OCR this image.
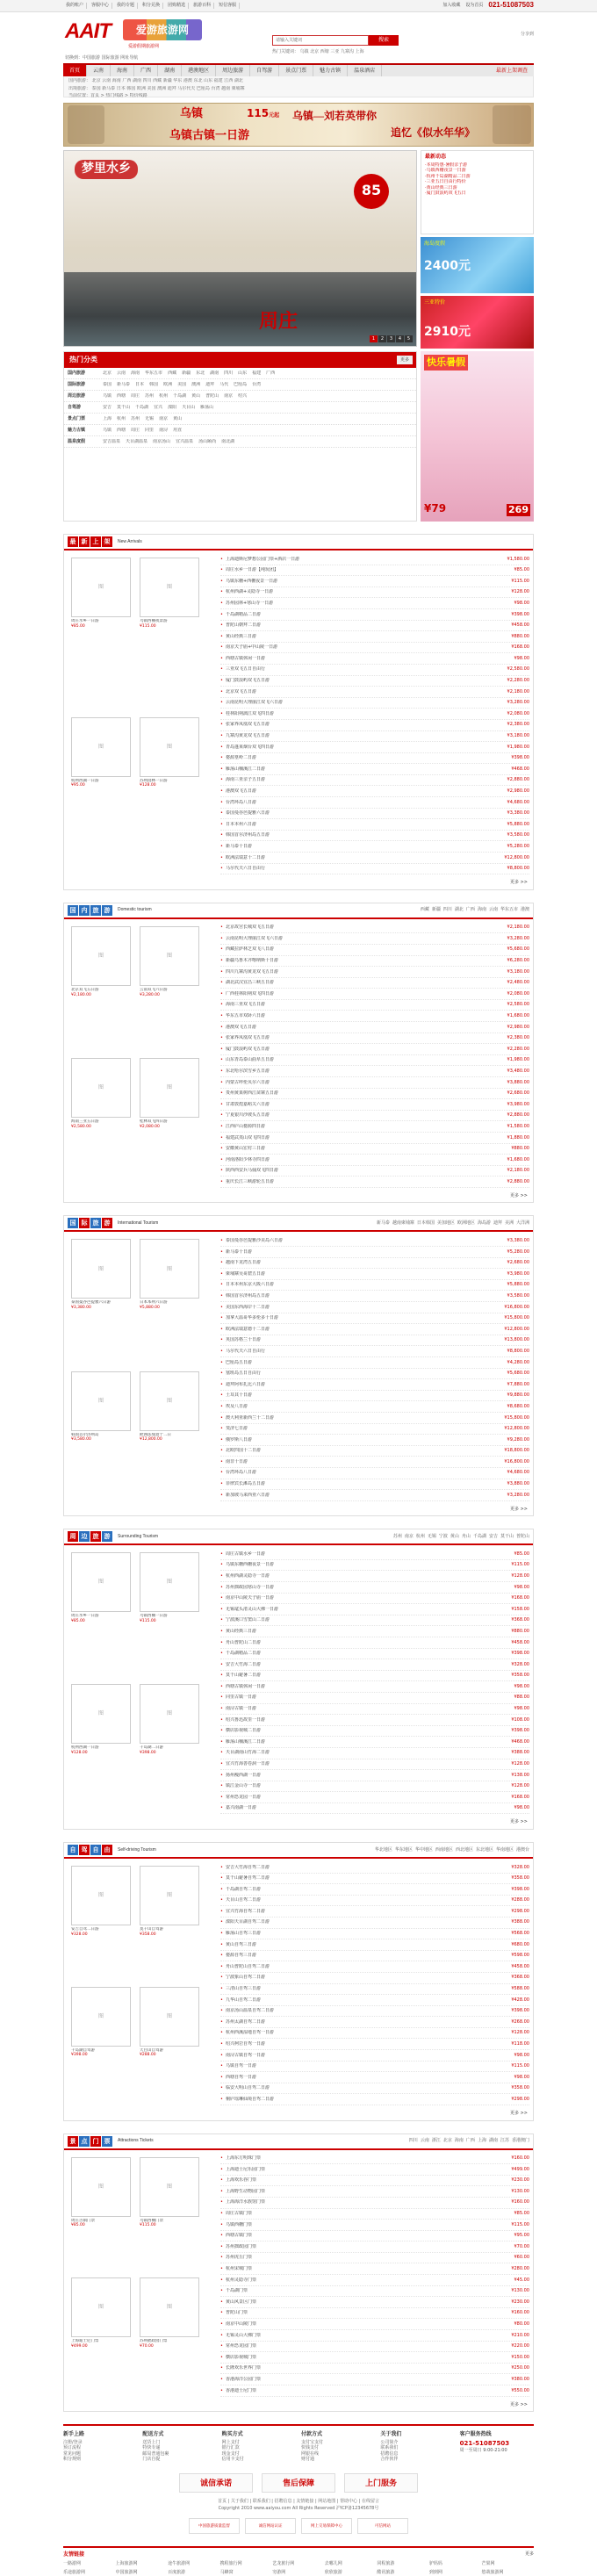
我的账户	客服中心	我的专题	积分兑换	团购精选	旅游百科	短信客服	加入收藏 设为首页 021-51087503
AAIT	爱游旅游网
爱游假期旅游网
请输入关键词	搜索
热门关键词： 乌镇 北京 西塘 三亚 九寨沟 上海
分享到
切换到：中国旅游 国际旅游 网址导航
首页	云南	海南	广西	湖南	港澳地区	周边旅游	自驾游	景点门票	魅力古镇	温泉酒店	最新上架调查
国内旅游： 北京 云南 海南 广西 湖南 四川 西藏 新疆 华东 港澳 东北 山东 福建 江西 湖北
出境旅游： 泰国 新马泰 日本 韩国 欧洲 美国 澳洲 迪拜 马尔代夫 巴厘岛 台湾 越南 柬埔寨
当前位置：首页 > 热门线路 > 特价线路
乌镇	115元起 乌镇—刘若英带你
乌镇古镇一日游	追忆《似水年华》
梦里水乡
85
周庄
1	2	3	4	5
最新动态
·本周特惠·暑假亲子游
·乌镇西栅夜景一日游
·杭州千岛湖精品二日游
·三亚五日自由行特价
·黄山经典三日游
·厦门鼓浪屿双飞五日
海岛度假
2400元
三亚特价
2910元
热门分类	更多
国内旅游	北京 云南 海南 华东五市 西藏 新疆 东北 湖南 四川 山东 福建 广西
国际旅游	泰国 新马泰 日本 韩国 欧洲 美国 澳洲 迪拜 马代 巴厘岛 台湾
周边旅游	乌镇 西塘 周庄 苏州 杭州 千岛湖 黄山 普陀山 南京 绍兴
自驾游	安吉 莫干山 千岛湖 宜兴 溧阳 天目山 雁荡山
景点门票	上海 杭州 苏州 无锡 南京 黄山
魅力古镇	乌镇 西塘 周庄 同里 南浔 甪直
温泉度假	安吉温泉 天目湖温泉 南京汤山 宜兴温泉 汤山颐尚 南北湖
快乐暑假
¥79	269
最 新 上 架	New Arrivals
图
周庄水乡一日游
¥85.00
图
乌镇西栅夜景游
¥115.00
图
杭州西湖一日游
¥95.00
图
苏州园林一日游
¥128.00
• 上海迪斯尼梦想公园门票+酒店一日游	¥1,580.00
• 周庄水乡一日游【纯玩团】	¥85.00
• 乌镇东栅+西栅夜景一日游	¥115.00
• 杭州西湖+灵隐寺一日游	¥128.00
• 苏州园林+寒山寺一日游	¥98.00
• 千岛湖精品二日游	¥398.00
• 普陀山朝拜二日游	¥458.00
• 黄山经典三日游	¥880.00
• 南京夫子庙+中山陵一日游	¥168.00
• 西塘古镇休闲一日游	¥98.00
• 三亚双飞五日自由行	¥2,580.00
• 厦门鼓浪屿双飞五日游	¥2,280.00
• 北京双飞五日游	¥2,180.00
• 云南昆明大理丽江双飞六日游	¥3,280.00
• 桂林阳朔漓江双飞四日游	¥2,080.00
• 张家界凤凰双飞五日游	¥2,380.00
• 九寨沟黄龙双飞五日游	¥3,180.00
• 青岛蓬莱烟台双飞四日游	¥1,980.00
• 婺源篁岭二日游	¥398.00
• 雁荡山楠溪江二日游	¥468.00
• 海南三亚亲子五日游	¥2,880.00
• 港澳双飞五日游	¥2,980.00
• 台湾环岛八日游	¥4,680.00
• 泰国曼谷芭提雅六日游	¥3,380.00
• 日本本州六日游	¥5,880.00
• 韩国首尔济州岛五日游	¥3,580.00
• 新马泰十日游	¥5,280.00
• 欧洲法瑞意十二日游	¥12,800.00
• 马尔代夫六日自由行	¥8,800.00
更多 >>
国 内 旅 游	Domestic tourism	西藏 新疆 四川 湖北 广西 海南 云南 华东五市 港澳
图
北京双飞五日游
¥2,180.00
图
云南双飞六日游
¥3,280.00
图
海南三亚五日游
¥2,580.00
图
桂林双飞四日游
¥2,080.00
• 北京故宫长城双飞五日游	¥2,180.00
• 云南昆明大理丽江双飞六日游	¥3,280.00
• 西藏拉萨林芝双飞八日游	¥5,680.00
• 新疆乌鲁木齐喀纳斯十日游	¥6,280.00
• 四川九寨沟黄龙双飞五日游	¥3,180.00
• 湖北武汉宜昌三峡五日游	¥2,480.00
• 广西桂林阳朔双飞四日游	¥2,080.00
• 海南三亚双飞五日游	¥2,580.00
• 华东五市双卧六日游	¥1,680.00
• 港澳双飞五日游	¥2,980.00
• 张家界凤凰双飞五日游	¥2,380.00
• 厦门鼓浪屿双飞五日游	¥2,280.00
• 山东青岛泰山曲阜五日游	¥1,980.00
• 东北哈尔滨雪乡五日游	¥3,480.00
• 内蒙古呼伦贝尔六日游	¥3,880.00
• 贵州黄果树西江苗寨五日游	¥2,680.00
• 甘肃敦煌嘉峪关六日游	¥3,980.00
• 宁夏银川沙坡头五日游	¥2,880.00
• 江西庐山婺源四日游	¥1,580.00
• 福建武夷山双飞四日游	¥1,880.00
• 安徽黄山宏村三日游	¥880.00
• 河南洛阳少林寺四日游	¥1,680.00
• 陕西西安兵马俑双飞四日游	¥2,180.00
• 重庆长江三峡游轮五日游	¥2,880.00
更多 >>
国 际 旅 游	International Tourism	新马泰 越南柬埔寨 日本韩国 美加地区 欧洲地区 海岛游 迪拜 美洲 大洋洲
图
泰国曼谷芭提雅六日游
¥3,380.00
图
日本本州六日游
¥5,880.00
图
韩国首尔济州岛
¥3,580.00
图
欧洲法瑞意十二日
¥12,800.00
• 泰国曼谷芭提雅沙美岛六日游	¥3,380.00
• 新马泰十日游	¥5,280.00
• 越南下龙湾五日游	¥2,680.00
• 柬埔寨吴哥窟五日游	¥3,980.00
• 日本本州东京大阪六日游	¥5,880.00
• 韩国首尔济州岛五日游	¥3,580.00
• 美国东西海岸十二日游	¥16,800.00
• 加拿大温哥华多伦多十日游	¥15,800.00
• 欧洲法瑞意德十二日游	¥12,800.00
• 英国苏格兰十日游	¥13,800.00
• 马尔代夫六日自由行	¥8,800.00
• 巴厘岛五日游	¥4,280.00
• 塞班岛五日自由行	¥5,680.00
• 迪拜阿布扎比六日游	¥7,880.00
• 土耳其十日游	¥9,880.00
• 埃及八日游	¥8,680.00
• 澳大利亚新西兰十二日游	¥15,800.00
• 斐济七日游	¥12,800.00
• 俄罗斯八日游	¥9,280.00
• 北欧四国十二日游	¥18,800.00
• 南非十日游	¥16,800.00
• 台湾环岛八日游	¥4,680.00
• 菲律宾长滩岛五日游	¥3,880.00
• 新加坡马来西亚六日游	¥3,280.00
更多 >>
周 边 旅 游	Surrounding Tourism	苏州 南京 杭州 无锡 宁波 黄山 舟山 千岛湖 安吉 莫干山 普陀山
图
周庄水乡一日游
¥85.00
图
乌镇西栅一日游
¥115.00
图
杭州西湖一日游
¥128.00
图
千岛湖二日游
¥398.00
• 周庄古镇水乡一日游	¥85.00
• 乌镇东栅西栅夜景一日游	¥115.00
• 杭州西湖灵隐寺一日游	¥128.00
• 苏州拙政园寒山寺一日游	¥98.00
• 南京中山陵夫子庙一日游	¥168.00
• 无锡鼋头渚灵山大佛一日游	¥158.00
• 宁波溪口雪窦山二日游	¥368.00
• 黄山经典三日游	¥880.00
• 舟山普陀山二日游	¥458.00
• 千岛湖精品二日游	¥398.00
• 安吉大竹海二日游	¥328.00
• 莫干山避暑二日游	¥358.00
• 西塘古镇休闲一日游	¥98.00
• 同里古镇一日游	¥88.00
• 南浔古镇一日游	¥98.00
• 绍兴鲁迅故里一日游	¥108.00
• 横店影视城二日游	¥398.00
• 雁荡山楠溪江二日游	¥468.00
• 天目湖南山竹海二日游	¥388.00
• 宜兴竹海善卷洞一日游	¥128.00
• 扬州瘦西湖一日游	¥138.00
• 镇江金山寺一日游	¥128.00
• 常州恐龙园一日游	¥168.00
• 嘉兴南湖一日游	¥98.00
更多 >>
自 驾 自 由	Self-driving Tourism	华北地区 华东地区 华中地区 西南地区 西北地区 东北地区 华南地区 港澳台
图
安吉自驾二日游
¥328.00
图
莫干山自驾游
¥358.00
图
千岛湖自驾游
¥398.00
图
天目山自驾游
¥288.00
• 安吉大竹海自驾二日游	¥328.00
• 莫干山避暑自驾二日游	¥358.00
• 千岛湖自驾二日游	¥398.00
• 天目山自驾二日游	¥288.00
• 宜兴竹海自驾二日游	¥298.00
• 溧阳天目湖自驾二日游	¥388.00
• 雁荡山自驾三日游	¥568.00
• 黄山自驾三日游	¥680.00
• 婺源自驾三日游	¥598.00
• 舟山普陀山自驾二日游	¥458.00
• 宁波象山自驾二日游	¥368.00
• 三清山自驾三日游	¥588.00
• 九华山自驾二日游	¥428.00
• 南京汤山温泉自驾二日游	¥398.00
• 苏州太湖自驾二日游	¥268.00
• 杭州西溪湿地自驾一日游	¥128.00
• 绍兴柯岩自驾一日游	¥118.00
• 南浔古镇自驾一日游	¥98.00
• 乌镇自驾一日游	¥115.00
• 西塘自驾一日游	¥98.00
• 临安大明山自驾二日游	¥358.00
• 桐庐瑶琳仙境自驾二日游	¥298.00
更多 >>
景 点 门 票	Attractions Tickets	四川 云南 浙江 北京 海南 广西 上海 湖南 江苏 香港澳门
图
周庄古镇门票
¥85.00
图
乌镇西栅门票
¥115.00
图
上海迪士尼门票
¥499.00
图
苏州拙政园门票
¥70.00
• 上海东方明珠门票	¥160.00
• 上海迪士尼乐园门票	¥499.00
• 上海欢乐谷门票	¥230.00
• 上海野生动物园门票	¥130.00
• 上海海洋水族馆门票	¥160.00
• 周庄古镇门票	¥85.00
• 乌镇西栅门票	¥115.00
• 西塘古镇门票	¥95.00
• 苏州拙政园门票	¥70.00
• 苏州虎丘门票	¥60.00
• 杭州宋城门票	¥280.00
• 杭州灵隐寺门票	¥45.00
• 千岛湖门票	¥130.00
• 黄山风景区门票	¥230.00
• 普陀山门票	¥160.00
• 南京中山陵门票	¥80.00
• 无锡灵山大佛门票	¥210.00
• 常州恐龙园门票	¥220.00
• 横店影视城门票	¥150.00
• 长隆欢乐世界门票	¥250.00
• 香港海洋公园门票	¥380.00
• 香港迪士尼门票	¥550.00
更多 >>
新手上路
注册/登录
预订流程
常见问题
积分规则
配送方式
送货上门
特快专递
邮局普通包裹
门店自提
购买方式
网上支付
银行汇款
现金支付
信用卡支付
付款方式
支付宝支付
快钱支付
网银在线
财付通
关于我们
公司简介
联系我们
招聘信息
合作伙伴
客户服务热线
021-51087503
周一至周日 9:00-21:00
诚信承诺	售后保障	上门服务
首页 | 关于我们 | 联系我们 | 招聘信息 | 友情链接 | 网站地图 | 帮助中心 | 在线留言
Copyright 2010 www.aaiyou.com All Rights Reserved 沪ICP备12345678号
中国旅游质量监督	诚信网站认证	网上交易保障中心	可信网站
友情链接	更多
一路游网	上海旅游网	途牛旅游网	携程旅行网	艺龙旅行网	去哪儿网	同程旅游	驴妈妈	芒果网
乐途旅游网	中国旅游网	百度旅游	马蜂窝	穷游网	欣欣旅游	酷讯旅游	到到网	悠哉旅游网
